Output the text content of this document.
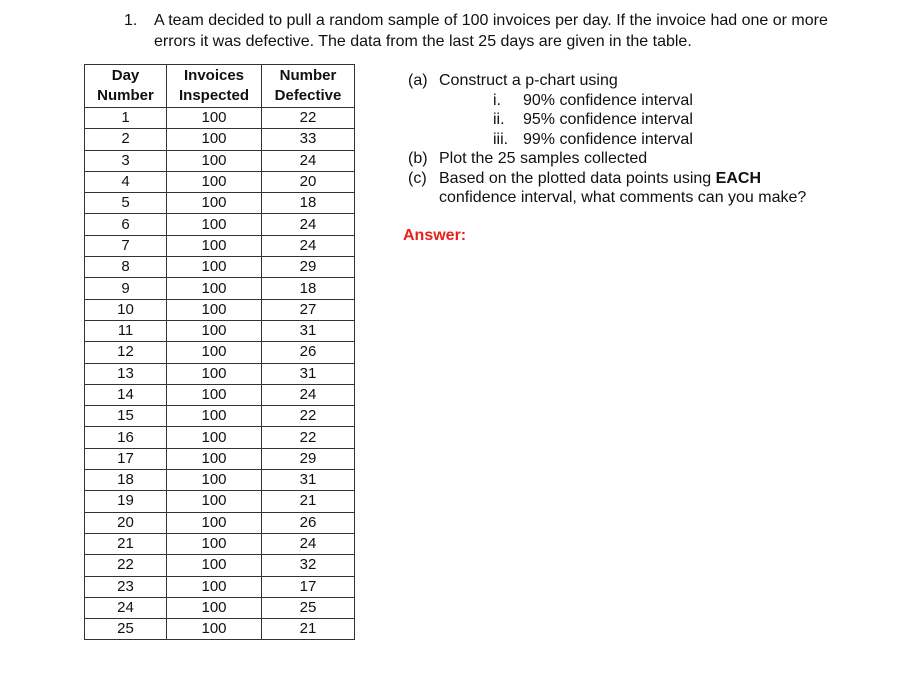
1. A team decided to pull a random sample of 100 invoices per day. If the invoice had one or more errors it was defective. The data from the last 25 days are given in the table.
Day Number	Invoices Inspected	Number Defective
1	100	22
2	100	33
3	100	24
4	100	20
5	100	18
6	100	24
7	100	24
8	100	29
9	100	18
10	100	27
11	100	31
12	100	26
13	100	31
14	100	24
15	100	22
16	100	22
17	100	29
18	100	31
19	100	21
20	100	26
21	100	24
22	100	32
23	100	17
24	100	25
25	100	21
(a) Construct a p-chart using
i. 90% confidence interval
ii. 95% confidence interval
iii. 99% confidence interval
(b) Plot the 25 samples collected
(c) Based on the plotted data points using EACH
confidence interval, what comments can you make?
Answer:
